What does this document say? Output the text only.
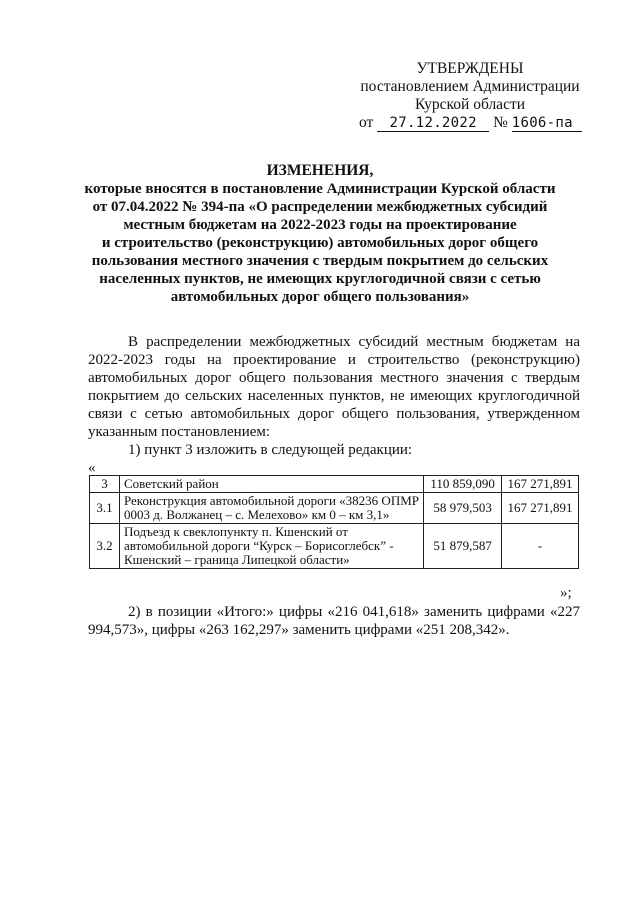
УТВЕРЖДЕНЫ
постановлением Администрации
Курской области
от 27.12.2022 № 1606-па
ИЗМЕНЕНИЯ,
которые вносятся в постановление Администрации Курской области
от 07.04.2022 № 394-па «О распределении межбюджетных субсидий
местным бюджетам на 2022-2023 годы на проектирование
и строительство (реконструкцию) автомобильных дорог общего
пользования местного значения с твердым покрытием до сельских
населенных пунктов, не имеющих круглогодичной связи с сетью
автомобильных дорог общего пользования»
В распределении межбюджетных субсидий местным бюджетам на 2022-2023 годы на проектирование и строительство (реконструкцию) автомобильных дорог общего пользования местного значения с твердым покрытием до сельских населенных пунктов, не имеющих круглогодичной связи с сетью автомобильных дорог общего пользования, утвержденном указанным постановлением:
1) пункт 3 изложить в следующей редакции:
«
3	Советский район	110 859,090	167 271,891
3.1	Реконструкция автомобильной дороги «38236 ОПМР 0003 д. Волжанец – с. Мелехово» км 0 – км 3,1»	58 979,503	167 271,891
3.2	Подъезд к свеклопункту п. Кшенский от автомобильной дороги “Курск – Борисоглебск” - Кшенский – граница Липецкой области»	51 879,587	-
»;
2) в позиции «Итого:» цифры «216 041,618» заменить цифрами «227 994,573», цифры «263 162,297» заменить цифрами «251 208,342».
